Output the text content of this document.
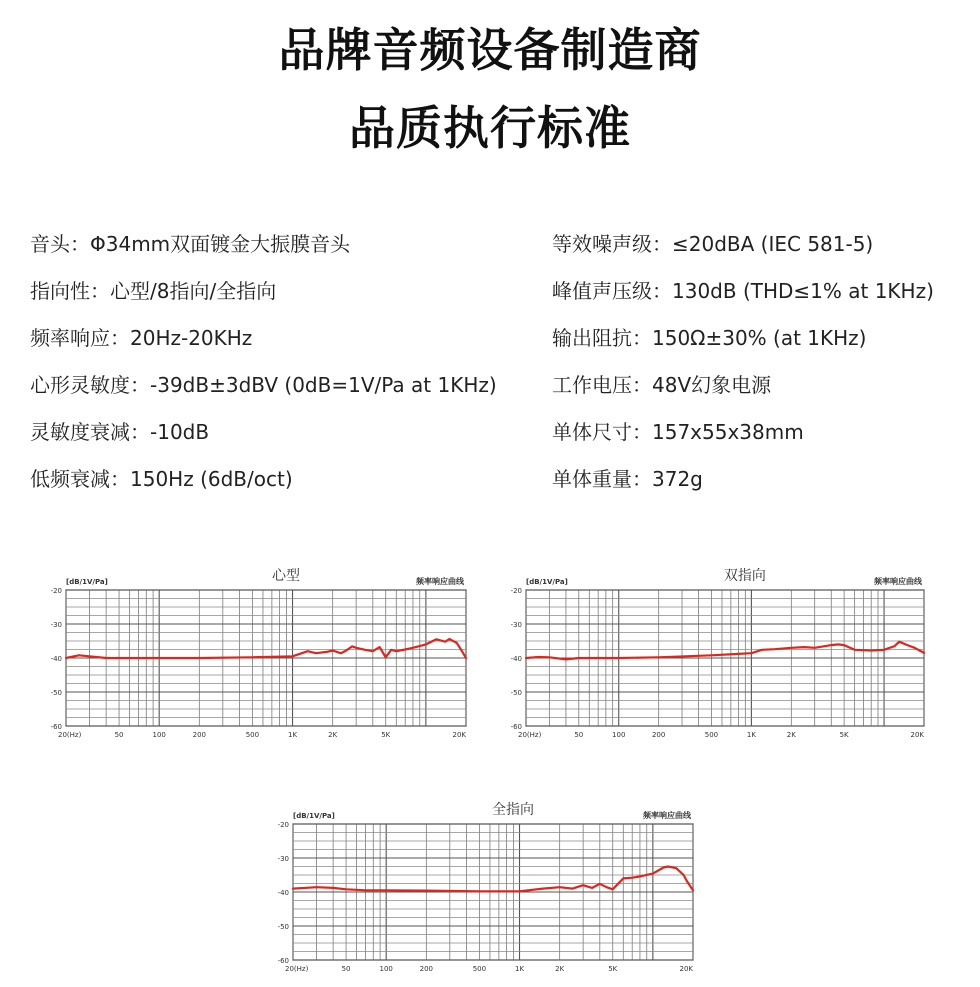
品牌音频设备制造商
品质执行标准
音头：Φ34mm双面镀金大振膜音头
指向性：心型/8指向/全指向
频率响应：20Hz-20KHz
心形灵敏度：-39dB±3dBV (0dB=1V/Pa at 1KHz)
灵敏度衰减：-10dB
低频衰减：150Hz (6dB/oct)
等效噪声级：≤20dBA (IEC 581-5)
峰值声压级：130dB (THD≤1% at 1KHz)
输出阻抗：150Ω±30% (at 1KHz)
工作电压：48V幻象电源
单体尺寸：157x55x38mm
单体重量：372g
-20
-30
-40
-50
-60
20(Hz)	50	100	200	500	1K	2K	5K	20K
[dB/1V/Pa]	心型	频率响应曲线
-20
-30
-40
-50
-60
20(Hz)	50	100	200	500	1K	2K	5K	20K
[dB/1V/Pa]	双指向	频率响应曲线
-20
-30
-40
-50
-60
20(Hz)	50	100	200	500	1K	2K	5K	20K
[dB/1V/Pa]	全指向	频率响应曲线
